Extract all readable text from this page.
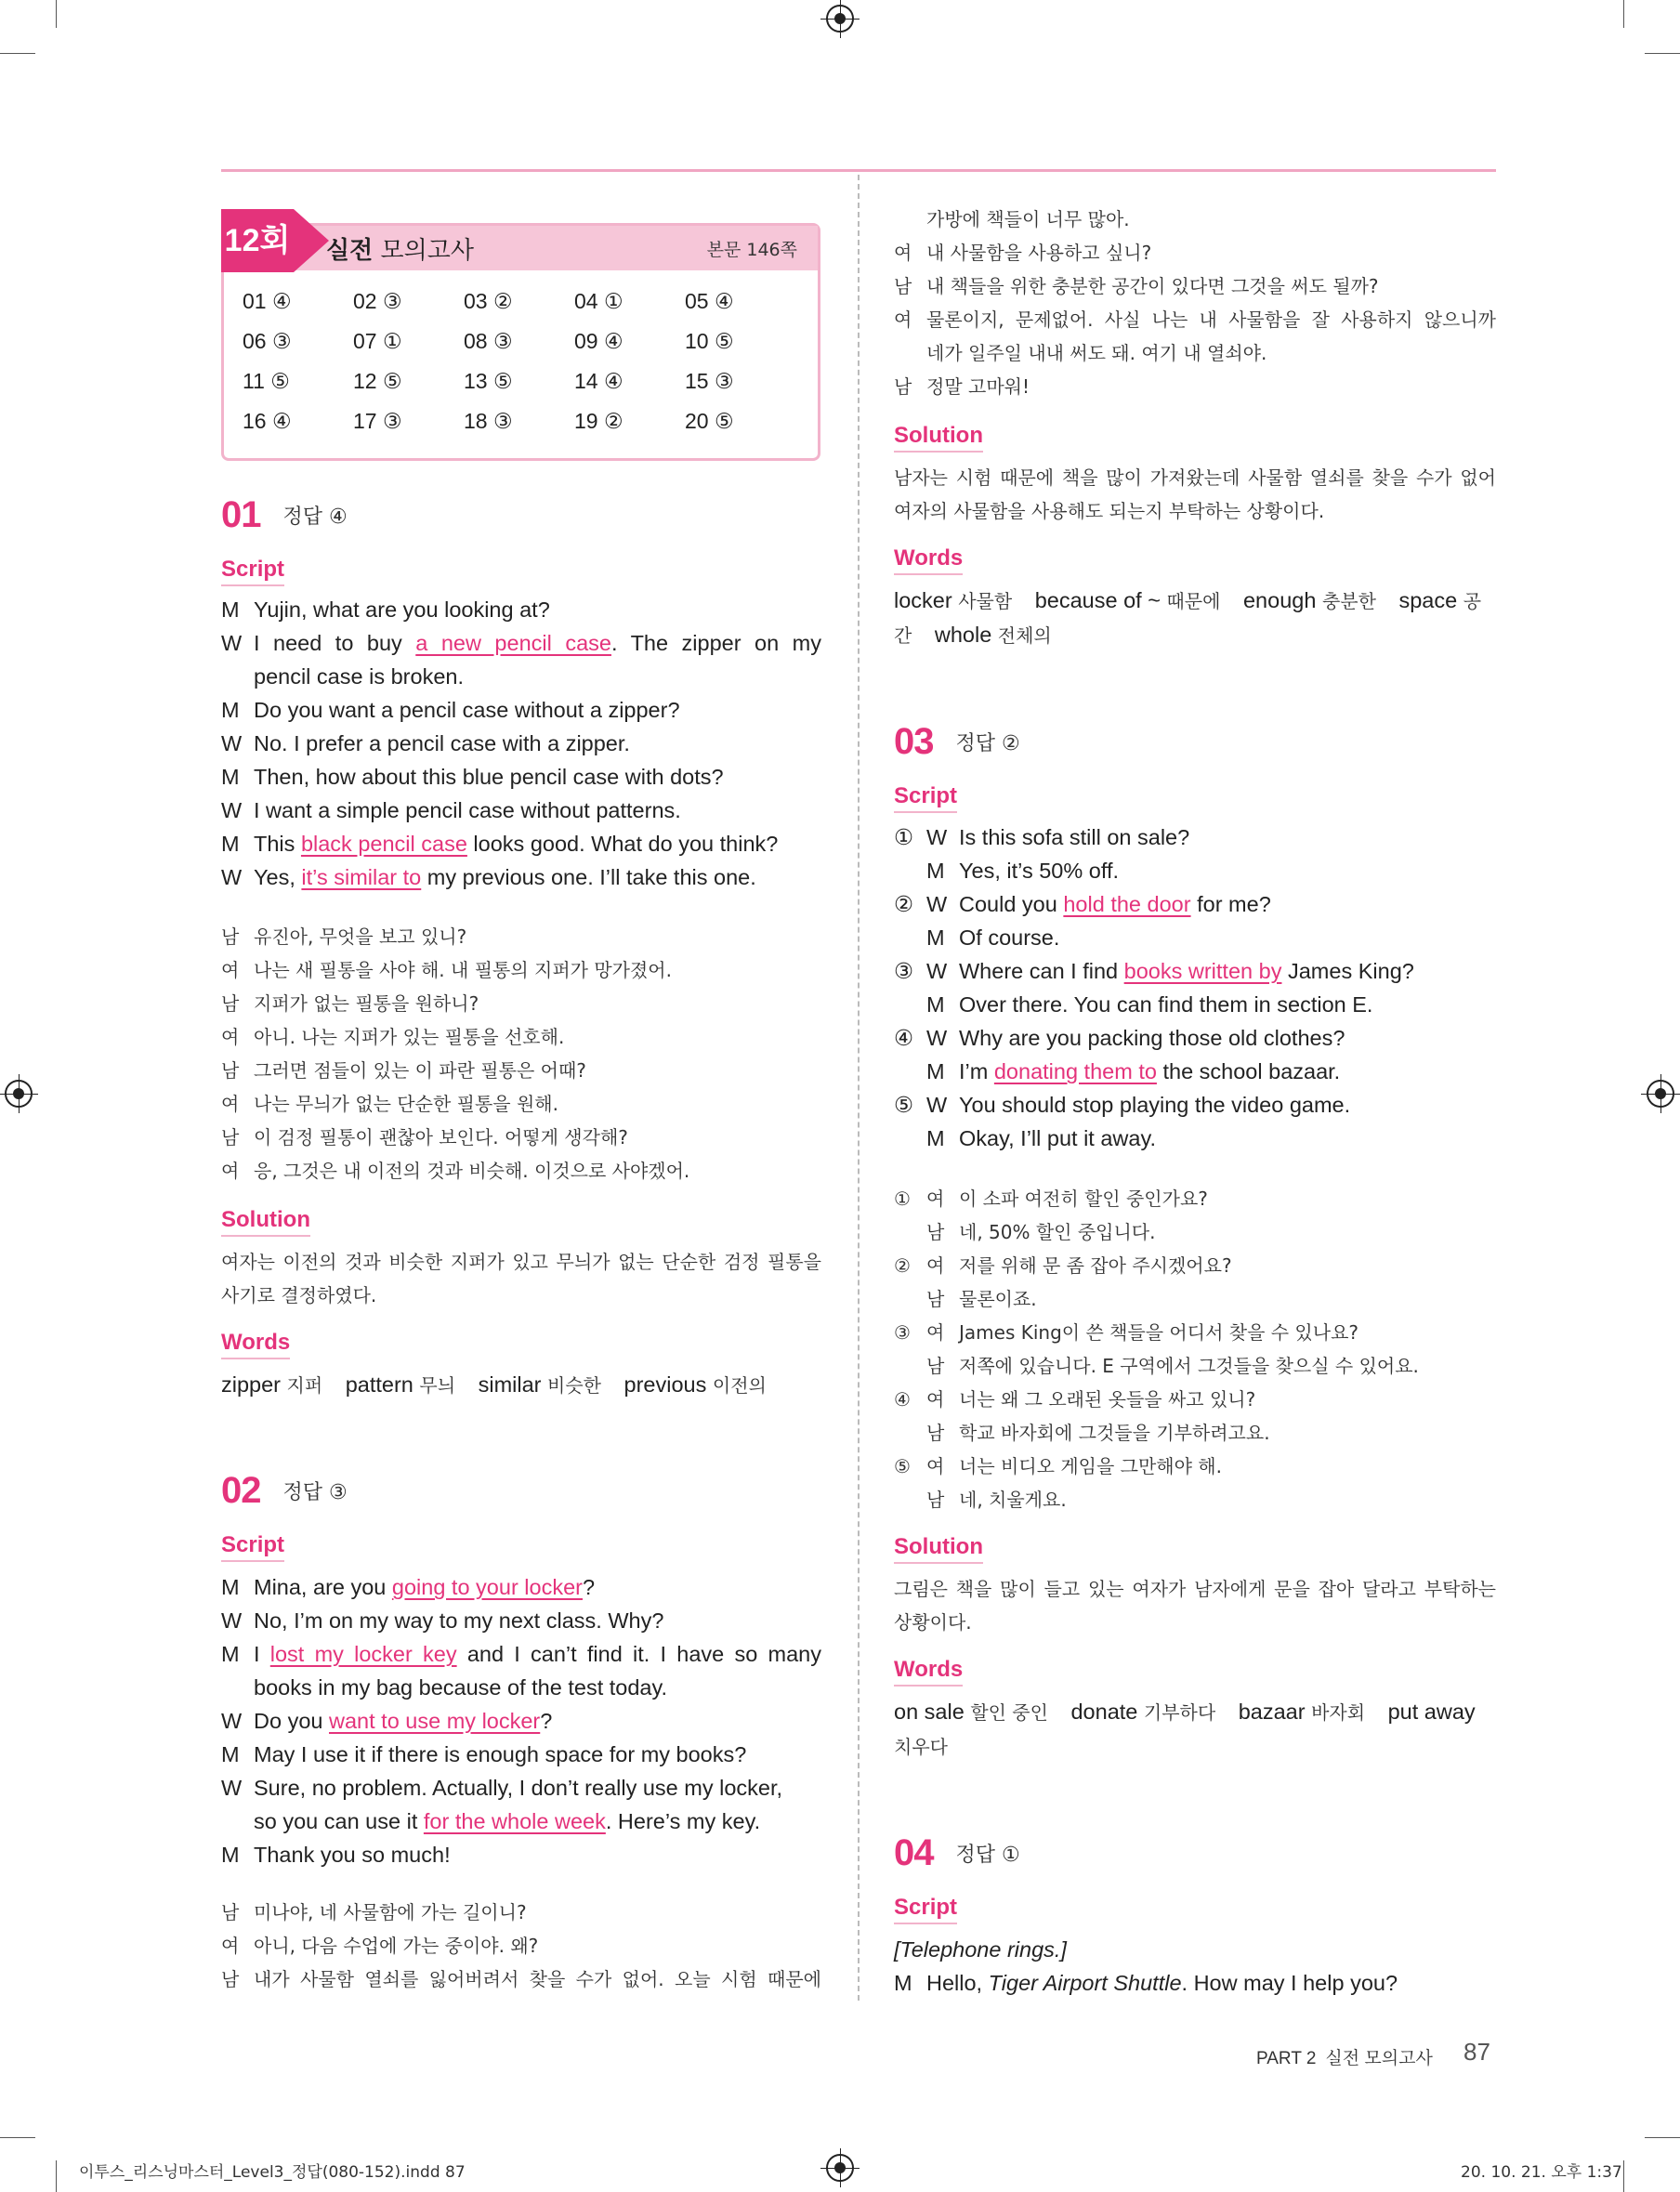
12회 실전 모의고사	본문 146쪽
01 ④	02 ③	03 ②	04 ①	05 ④
06 ③	07 ①	08 ③	09 ④	10 ⑤
11 ⑤	12 ⑤	13 ⑤	14 ④	15 ③
16 ④	17 ③	18 ③	19 ②	20 ⑤
01 정답 ④
Script
M Yujin, what are you looking at?
W I need to buy a new pencil case. The zipper on my
pencil case is broken.
M Do you want a pencil case without a zipper?
W No. I prefer a pencil case with a zipper.
M Then, how about this blue pencil case with dots?
W I want a simple pencil case without patterns.
M This black pencil case looks good. What do you think?
W Yes, it’s similar to my previous one. I’ll take this one.
남 유진아, 무엇을 보고 있니?
여 나는 새 필통을 사야 해. 내 필통의 지퍼가 망가졌어.
남 지퍼가 없는 필통을 원하니?
여 아니. 나는 지퍼가 있는 필통을 선호해.
남 그러면 점들이 있는 이 파란 필통은 어때?
여 나는 무늬가 없는 단순한 필통을 원해.
남 이 검정 필통이 괜찮아 보인다. 어떻게 생각해?
여 응, 그것은 내 이전의 것과 비슷해. 이것으로 사야겠어.
Solution
여자는 이전의 것과 비슷한 지퍼가 있고 무늬가 없는 단순한 검정 필통을
사기로 결정하였다.
Words
zipper 지퍼 pattern 무늬 similar 비슷한 previous 이전의
02 정답 ③
Script
M Mina, are you going to your locker?
W No, I’m on my way to my next class. Why?
M I lost my locker key and I can’t find it. I have so many
books in my bag because of the test today.
W Do you want to use my locker?
M May I use it if there is enough space for my books?
W Sure, no problem. Actually, I don’t really use my locker,
so you can use it for the whole week. Here’s my key.
M Thank you so much!
남 미나야, 네 사물함에 가는 길이니?
여 아니, 다음 수업에 가는 중이야. 왜?
남 내가 사물함 열쇠를 잃어버려서 찾을 수가 없어. 오늘 시험 때문에
가방에 책들이 너무 많아.
여 내 사물함을 사용하고 싶니?
남 내 책들을 위한 충분한 공간이 있다면 그것을 써도 될까?
여 물론이지, 문제없어. 사실 나는 내 사물함을 잘 사용하지 않으니까
네가 일주일 내내 써도 돼. 여기 내 열쇠야.
남 정말 고마워!
Solution
남자는 시험 때문에 책을 많이 가져왔는데 사물함 열쇠를 찾을 수가 없어
여자의 사물함을 사용해도 되는지 부탁하는 상황이다.
Words
locker 사물함 because of ~ 때문에 enough 충분한 space 공간 whole 전체의
03 정답 ②
Script
① W Is this sofa still on sale?
M Yes, it’s 50% off.
② W Could you hold the door for me?
M Of course.
③ W Where can I find books written by James King?
M Over there. You can find them in section E.
④ W Why are you packing those old clothes?
M I’m donating them to the school bazaar.
⑤ W You should stop playing the video game.
M Okay, I’ll put it away.
① 여 이 소파 여전히 할인 중인가요?
남 네, 50% 할인 중입니다.
② 여 저를 위해 문 좀 잡아 주시겠어요?
남 물론이죠.
③ 여 James King이 쓴 책들을 어디서 찾을 수 있나요?
남 저쪽에 있습니다. E 구역에서 그것들을 찾으실 수 있어요.
④ 여 너는 왜 그 오래된 옷들을 싸고 있니?
남 학교 바자회에 그것들을 기부하려고요.
⑤ 여 너는 비디오 게임을 그만해야 해.
남 네, 치울게요.
Solution
그림은 책을 많이 들고 있는 여자가 남자에게 문을 잡아 달라고 부탁하는
상황이다.
Words
on sale 할인 중인 donate 기부하다 bazaar 바자회 put away 치우다
04 정답 ①
Script
[Telephone rings.]
M Hello, Tiger Airport Shuttle. How may I help you?
PART 2 실전 모의고사 87
이투스_리스닝마스터_Level3_정답(080-152).indd 87	20. 10. 21. 오후 1:37
